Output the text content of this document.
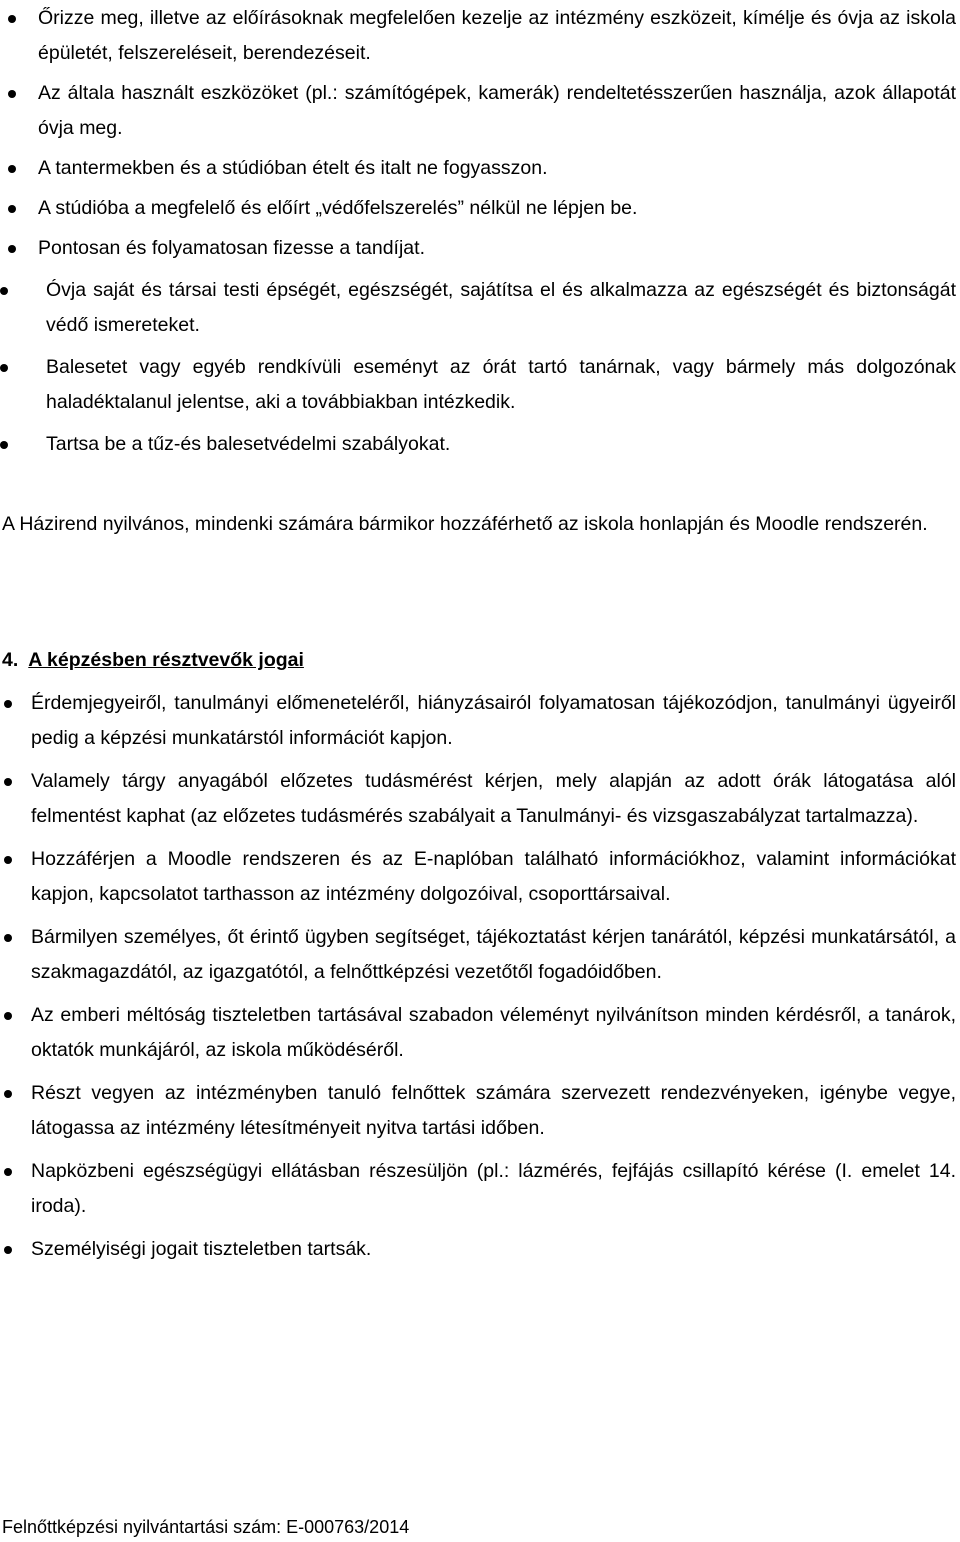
Őrizze meg, illetve az előírásoknak megfelelően kezelje az intézmény eszközeit, kímélje és óvja az iskola épületét, felszereléseit, berendezéseit.
Az általa használt eszközöket (pl.: számítógépek, kamerák) rendeltetésszerűen használja, azok állapotát óvja meg.
A tantermekben és a stúdióban ételt és italt ne fogyasszon.
A stúdióba a megfelelő és előírt „védőfelszerelés” nélkül ne lépjen be.
Pontosan és folyamatosan fizesse a tandíjat.
Óvja saját és társai testi épségét, egészségét, sajátítsa el és alkalmazza az egészségét és biztonságát védő ismereteket.
Balesetet vagy egyéb rendkívüli eseményt az órát tartó tanárnak, vagy bármely más dolgozónak haladéktalanul jelentse, aki a továbbiakban intézkedik.
Tartsa be a tűz-és balesetvédelmi szabályokat.

A Házirend nyilvános, mindenki számára bármikor hozzáférhető az iskola honlapján és Moodle rendszerén.

4. A képzésben résztvevők jogai
Érdemjegyeiről, tanulmányi előmeneteléről, hiányzásairól folyamatosan tájékozódjon, tanulmányi ügyeiről pedig a képzési munkatárstól információt kapjon.
Valamely tárgy anyagából előzetes tudásmérést kérjen, mely alapján az adott órák látogatása alól felmentést kaphat (az előzetes tudásmérés szabályait a Tanulmányi- és vizsgaszabályzat tartalmazza).
Hozzáférjen a Moodle rendszeren és az E-naplóban található információkhoz, valamint információkat kapjon, kapcsolatot tarthasson az intézmény dolgozóival, csoporttársaival.
Bármilyen személyes, őt érintő ügyben segítséget, tájékoztatást kérjen tanárától, képzési munkatársától, a szakmagazdától, az igazgatótól, a felnőttképzési vezetőtől fogadóidőben.
Az emberi méltóság tiszteletben tartásával szabadon véleményt nyilvánítson minden kérdésről, a tanárok, oktatók munkájáról, az iskola működéséről.
Részt vegyen az intézményben tanuló felnőttek számára szervezett rendezvényeken, igénybe vegye, látogassa az intézmény létesítményeit nyitva tartási időben.
Napközbeni egészségügyi ellátásban részesüljön (pl.: lázmérés, fejfájás csillapító kérése (I. emelet 14. iroda).
Személyiségi jogait tiszteletben tartsák.

Felnőttképzési nyilvántartási szám: E-000763/2014
